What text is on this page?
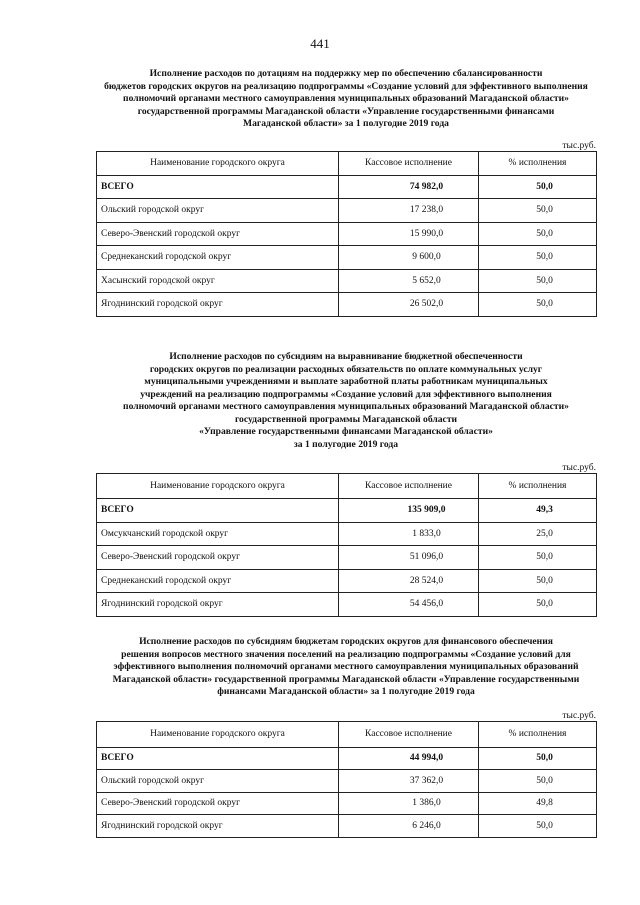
441
Исполнение расходов по дотациям на поддержку мер по обеспечению сбалансированности
бюджетов городских округов на реализацию подпрограммы «Создание условий для эффективного выполнения
полномочий органами местного самоуправления муниципальных образований Магаданской области»
государственной программы Магаданской области «Управление государственными финансами
Магаданской области» за 1 полугодие 2019 года
тыс.руб.
Наименование городского округа	Кассовое исполнение	% исполнения
ВСЕГО	74 982,0	50,0
Ольский городской округ	17 238,0	50,0
Северо-Эвенский городской округ	15 990,0	50,0
Среднеканский городской округ	9 600,0	50,0
Хасынский городской округ	5 652,0	50,0
Ягоднинский городской округ	26 502,0	50,0
Исполнение расходов по субсидиям на выравнивание бюджетной обеспеченности
городских округов по реализации расходных обязательств по оплате коммунальных услуг
муниципальными учреждениями и выплате заработной платы работникам муниципальных
учреждений на реализацию подпрограммы «Создание условий для эффективного выполнения
полномочий органами местного самоуправления муниципальных образований Магаданской области»
государственной программы Магаданской области
«Управление государственными финансами Магаданской области»
за 1 полугодие 2019 года
тыс.руб.
Наименование городского округа	Кассовое исполнение	% исполнения
ВСЕГО	135 909,0	49,3
Омсукчанский городской округ	1 833,0	25,0
Северо-Эвенский городской округ	51 096,0	50,0
Среднеканский городской округ	28 524,0	50,0
Ягоднинский городской округ	54 456,0	50,0
Исполнение расходов по субсидиям бюджетам городских округов для финансового обеспечения
решения вопросов местного значения поселений на реализацию подпрограммы «Создание условий для
эффективного выполнения полномочий органами местного самоуправления муниципальных образований
Магаданской области» государственной программы Магаданской области «Управление государственными
финансами Магаданской области» за 1 полугодие 2019 года
тыс.руб.
Наименование городского округа	Кассовое исполнение	% исполнения
ВСЕГО	44 994,0	50,0
Ольский городской округ	37 362,0	50,0
Северо-Эвенский городской округ	1 386,0	49,8
Ягоднинский городской округ	6 246,0	50,0
